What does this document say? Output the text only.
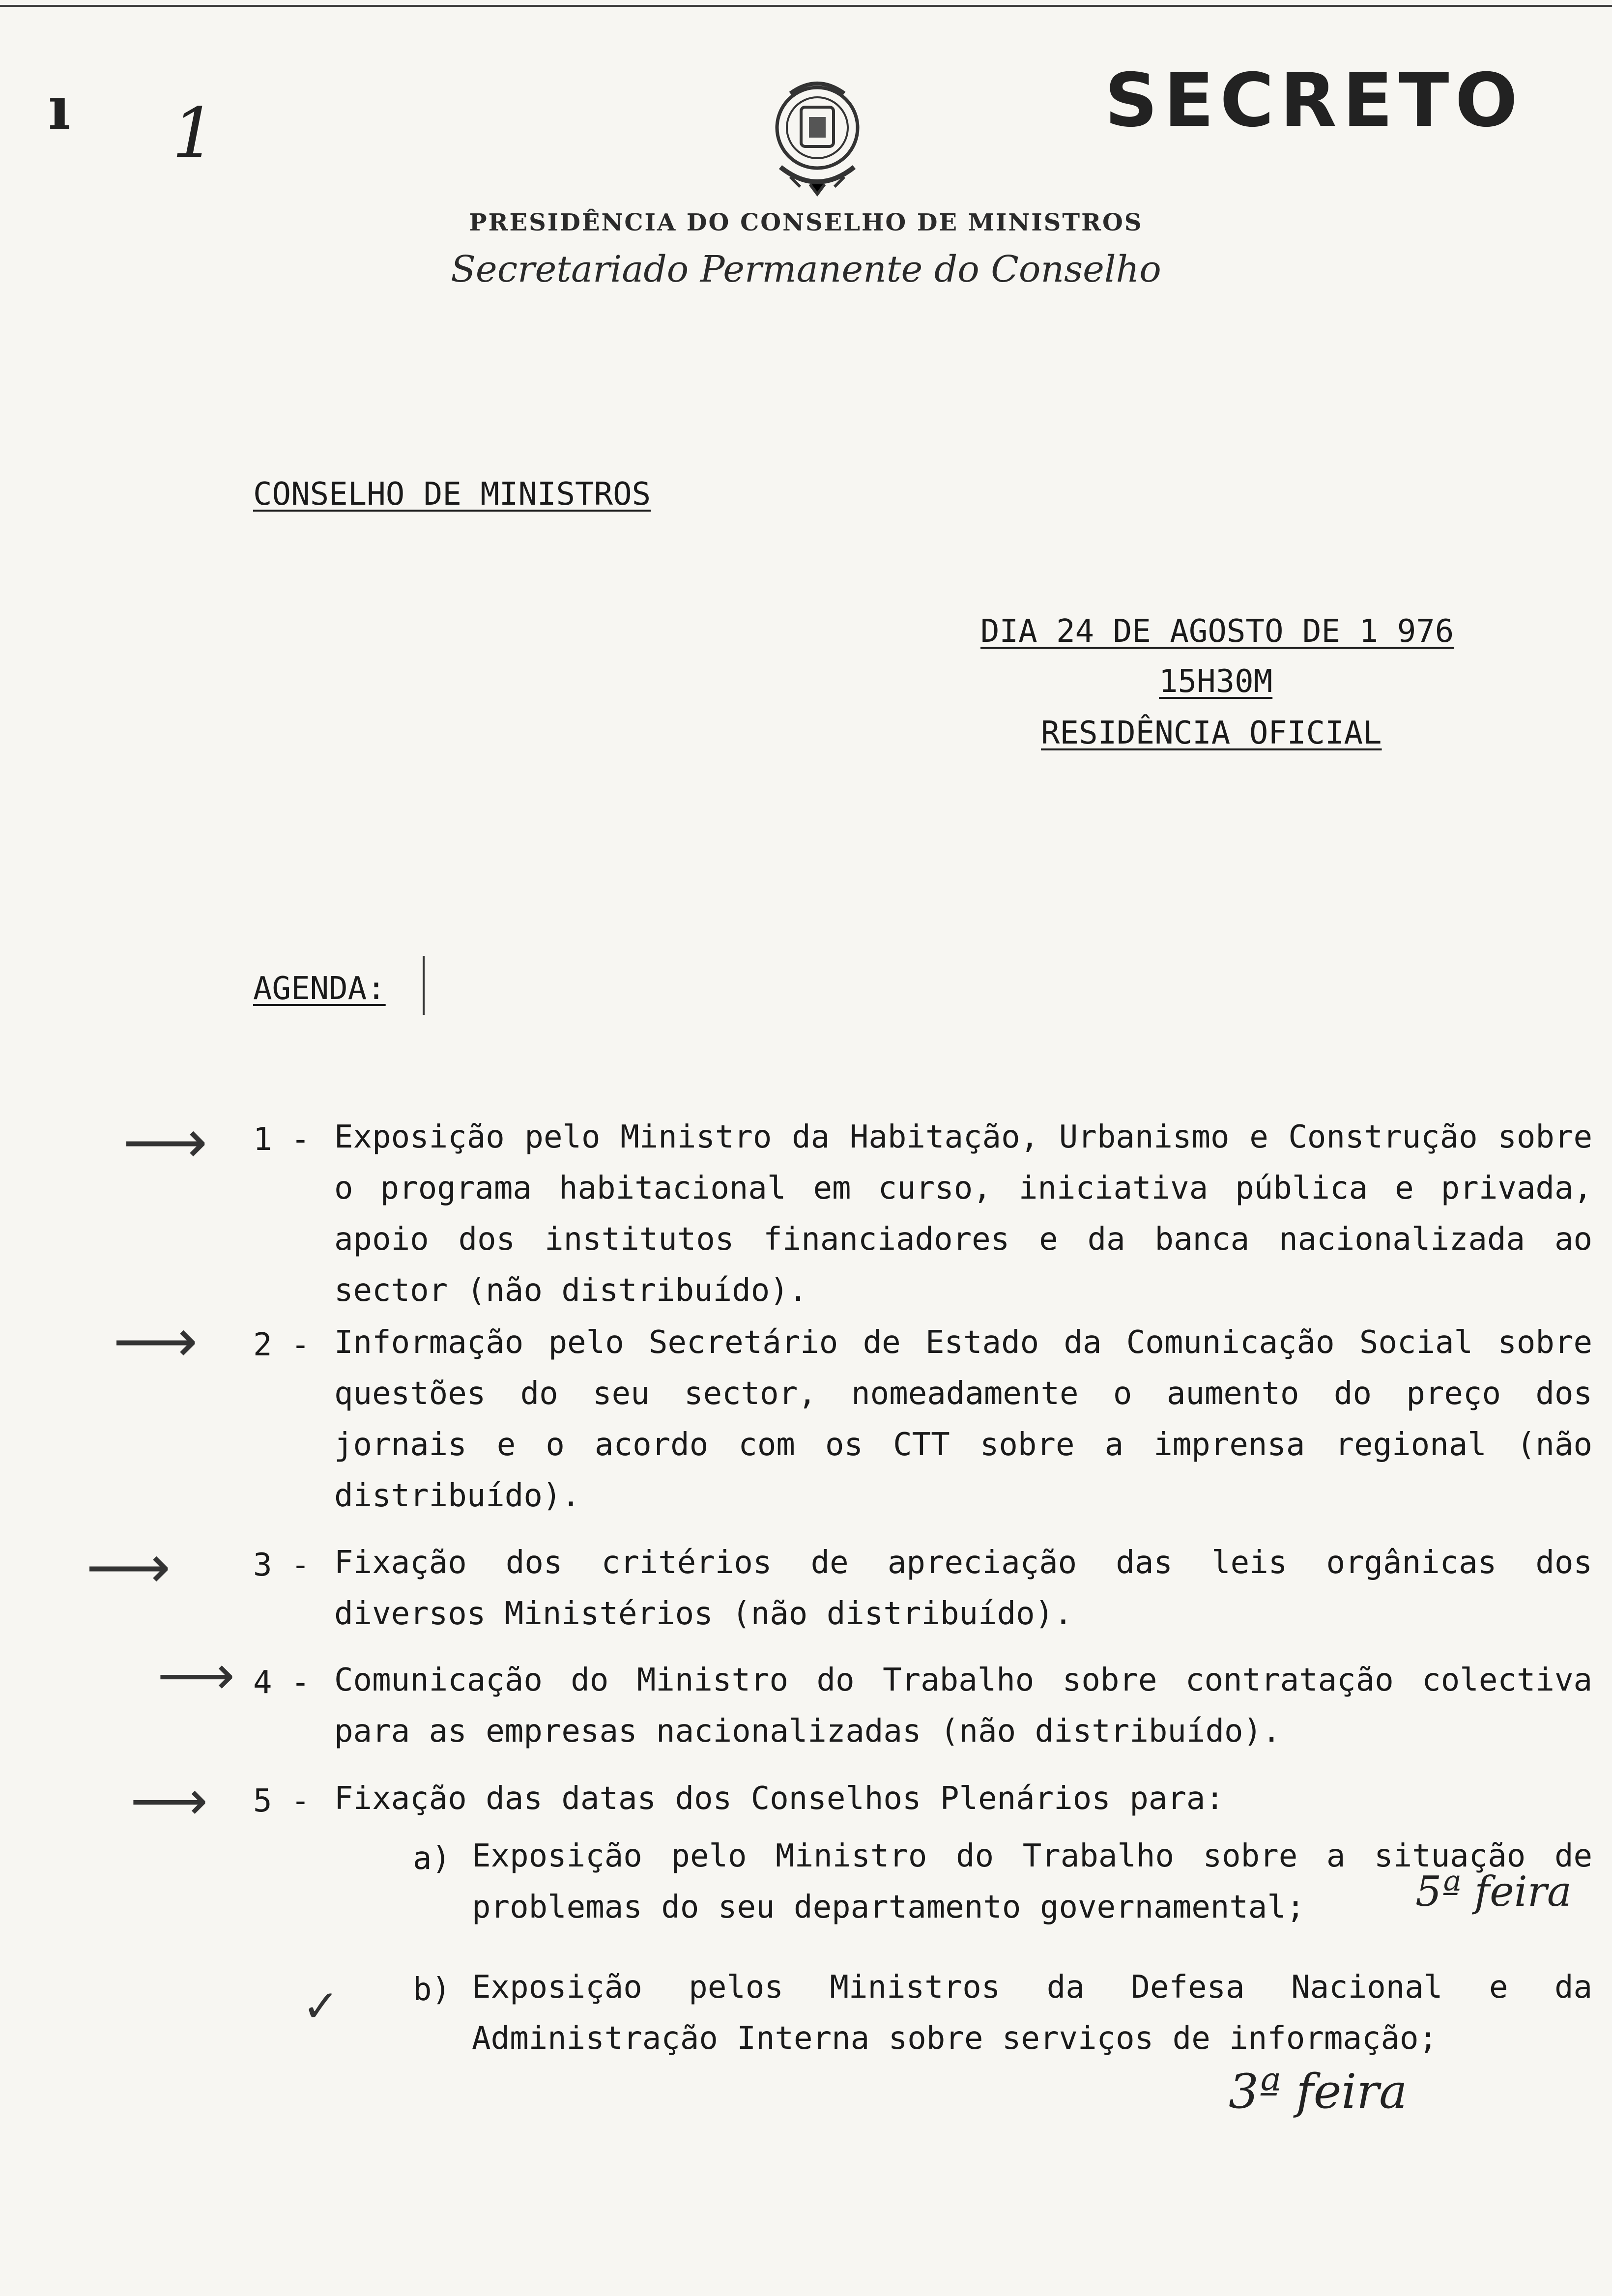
ı 1	SECRETO
PRESIDÊNCIA DO CONSELHO DE MINISTROS
Secretariado Permanente do Conselho
CONSELHO DE MINISTROS
DIA 24 DE AGOSTO DE 1 976
15H30M
RESIDÊNCIA OFICIAL
AGENDA:
⟶
⟶
⟶
⟶
⟶
1 - Exposição pelo Ministro da Habitação, Urbanismo e Construção sobre o programa habitacional em curso, iniciativa pública e privada, apoio dos institutos financiadores e da banca nacionalizada ao sector (não distribuído).
2 - Informação pelo Secretário de Estado da Comunicação Social sobre questões do seu sector, nomeadamente o aumento do preço dos jornais e o acordo com os CTT sobre a imprensa regional (não distribuído).
3 - Fixação dos critérios de apreciação das leis orgânicas dos diversos Ministérios (não distribuído).
4 - Comunicação do Ministro do Trabalho sobre contratação colectiva para as empresas nacionalizadas (não distribuído).
5 - Fixação das datas dos Conselhos Plenários para:
a) Exposição pelo Ministro do Trabalho sobre a situação de problemas do seu departamento governamental;
b) Exposição pelos Ministros da Defesa Nacional e da Administração Interna sobre serviços de informação;
5ª feira
3ª feira
✓
